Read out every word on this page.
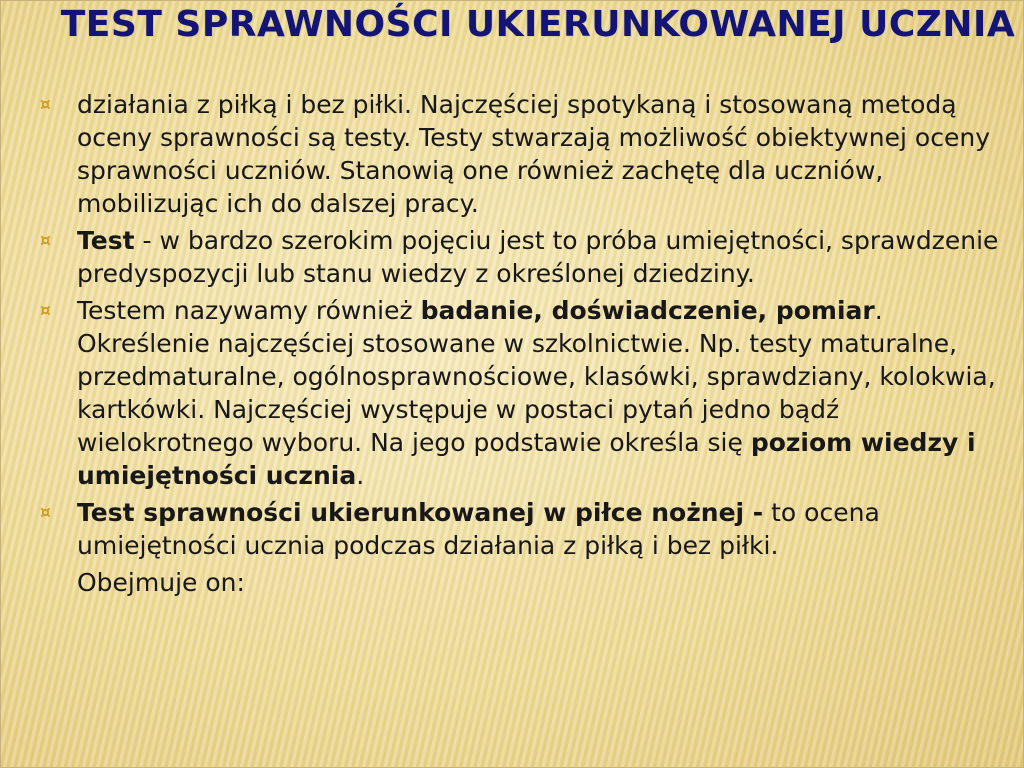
TEST SPRAWNOŚCI UKIERUNKOWANEJ UCZNIA
¤ działania z piłką i bez piłki. Najczęściej spotykaną i stosowaną metodą oceny sprawności są testy. Testy stwarzają możliwość obiektywnej oceny sprawności uczniów. Stanowią one również zachętę dla uczniów, mobilizując ich do dalszej pracy.
¤ Test - w bardzo szerokim pojęciu jest to próba umiejętności, sprawdzenie predyspozycji lub stanu wiedzy z określonej dziedziny.
¤ Testem nazywamy również badanie, doświadczenie, pomiar. Określenie najczęściej stosowane w szkolnictwie. Np. testy maturalne, przedmaturalne, ogólnosprawnościowe, klasówki, sprawdziany, kolokwia, kartkówki. Najczęściej występuje w postaci pytań jedno bądź wielokrotnego wyboru. Na jego podstawie określa się poziom wiedzy i umiejętności ucznia.
¤ Test sprawności ukierunkowanej w piłce nożnej - to ocena umiejętności ucznia podczas działania z piłką i bez piłki.
Obejmuje on:
